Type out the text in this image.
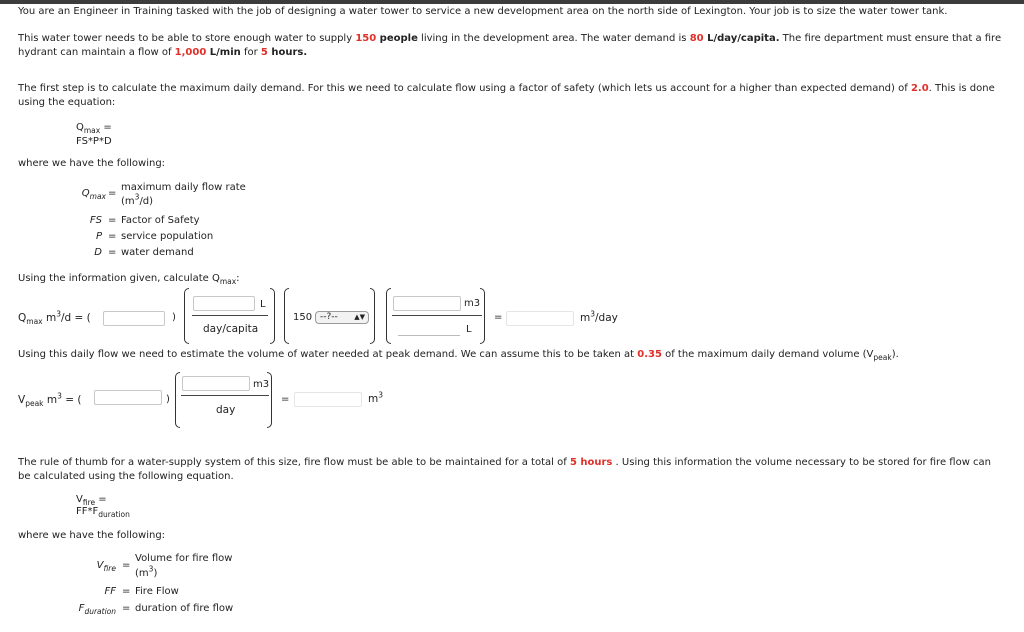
You are an Engineer in Training tasked with the job of designing a water tower to service a new development area on the north side of Lexington. Your job is to size the water tower tank.
This water tower needs to be able to store enough water to supply 150 people living in the development area. The water demand is 80 L/day/capita. The fire department must ensure that a fire hydrant can maintain a flow of 1,000 L/min for 5 hours.
The first step is to calculate the maximum daily demand. For this we need to calculate flow using a factor of safety (which lets us account for a higher than expected demand) of 2.0. This is done using the equation:
$Q_{max}$ =
FS*P*D
where we have the following:
$Q_{max}$ =
maximum daily flow rate
$(m^3/d)$
FS = Factor of Safety
P = service population
D = water demand
Using the information given, calculate $Q_{max}$:
$Q_{max}$ $m^3/d$ = (	)
L
day/capita
150 --?-- ▲▼
m3
L
=	$m^3$/day
Using this daily flow we need to estimate the volume of water needed at peak demand. We can assume this to be taken at 0.35 of the maximum daily demand volume $(V_{peak})$.
$V_{peak}$ $m^3$ = (	)
m3
day
=	$m^3$
The rule of thumb for a water-supply system of this size, fire flow must be able to be maintained for a total of 5 hours . Using this information the volume necessary to be stored for fire flow can be calculated using the following equation.
$V_{fire}$ =
$FF*F_{duration}$
where we have the following:
$V_{fire}$ =
Volume for fire flow
$(m^3)$
FF = Fire Flow
$F_{duration}$ = duration of fire flow
